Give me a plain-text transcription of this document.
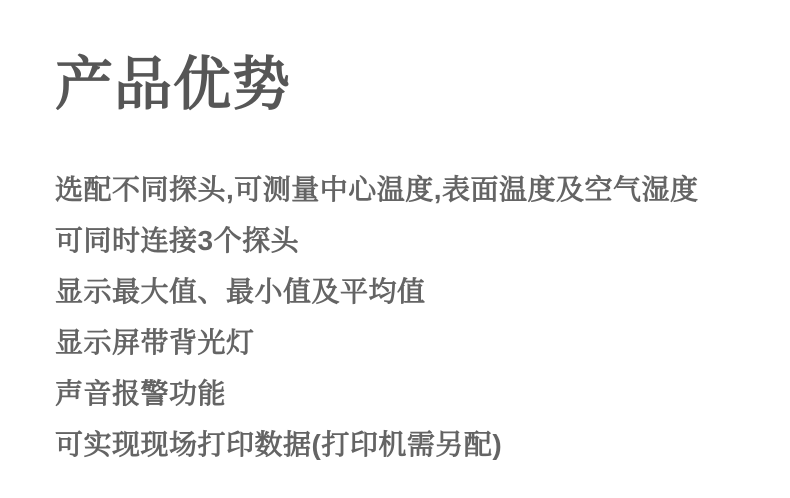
产品优势
选配不同探头,可测量中心温度,表面温度及空气湿度
可同时连接3个探头
显示最大值、最小值及平均值
显示屏带背光灯
声音报警功能
可实现现场打印数据(打印机需另配)
